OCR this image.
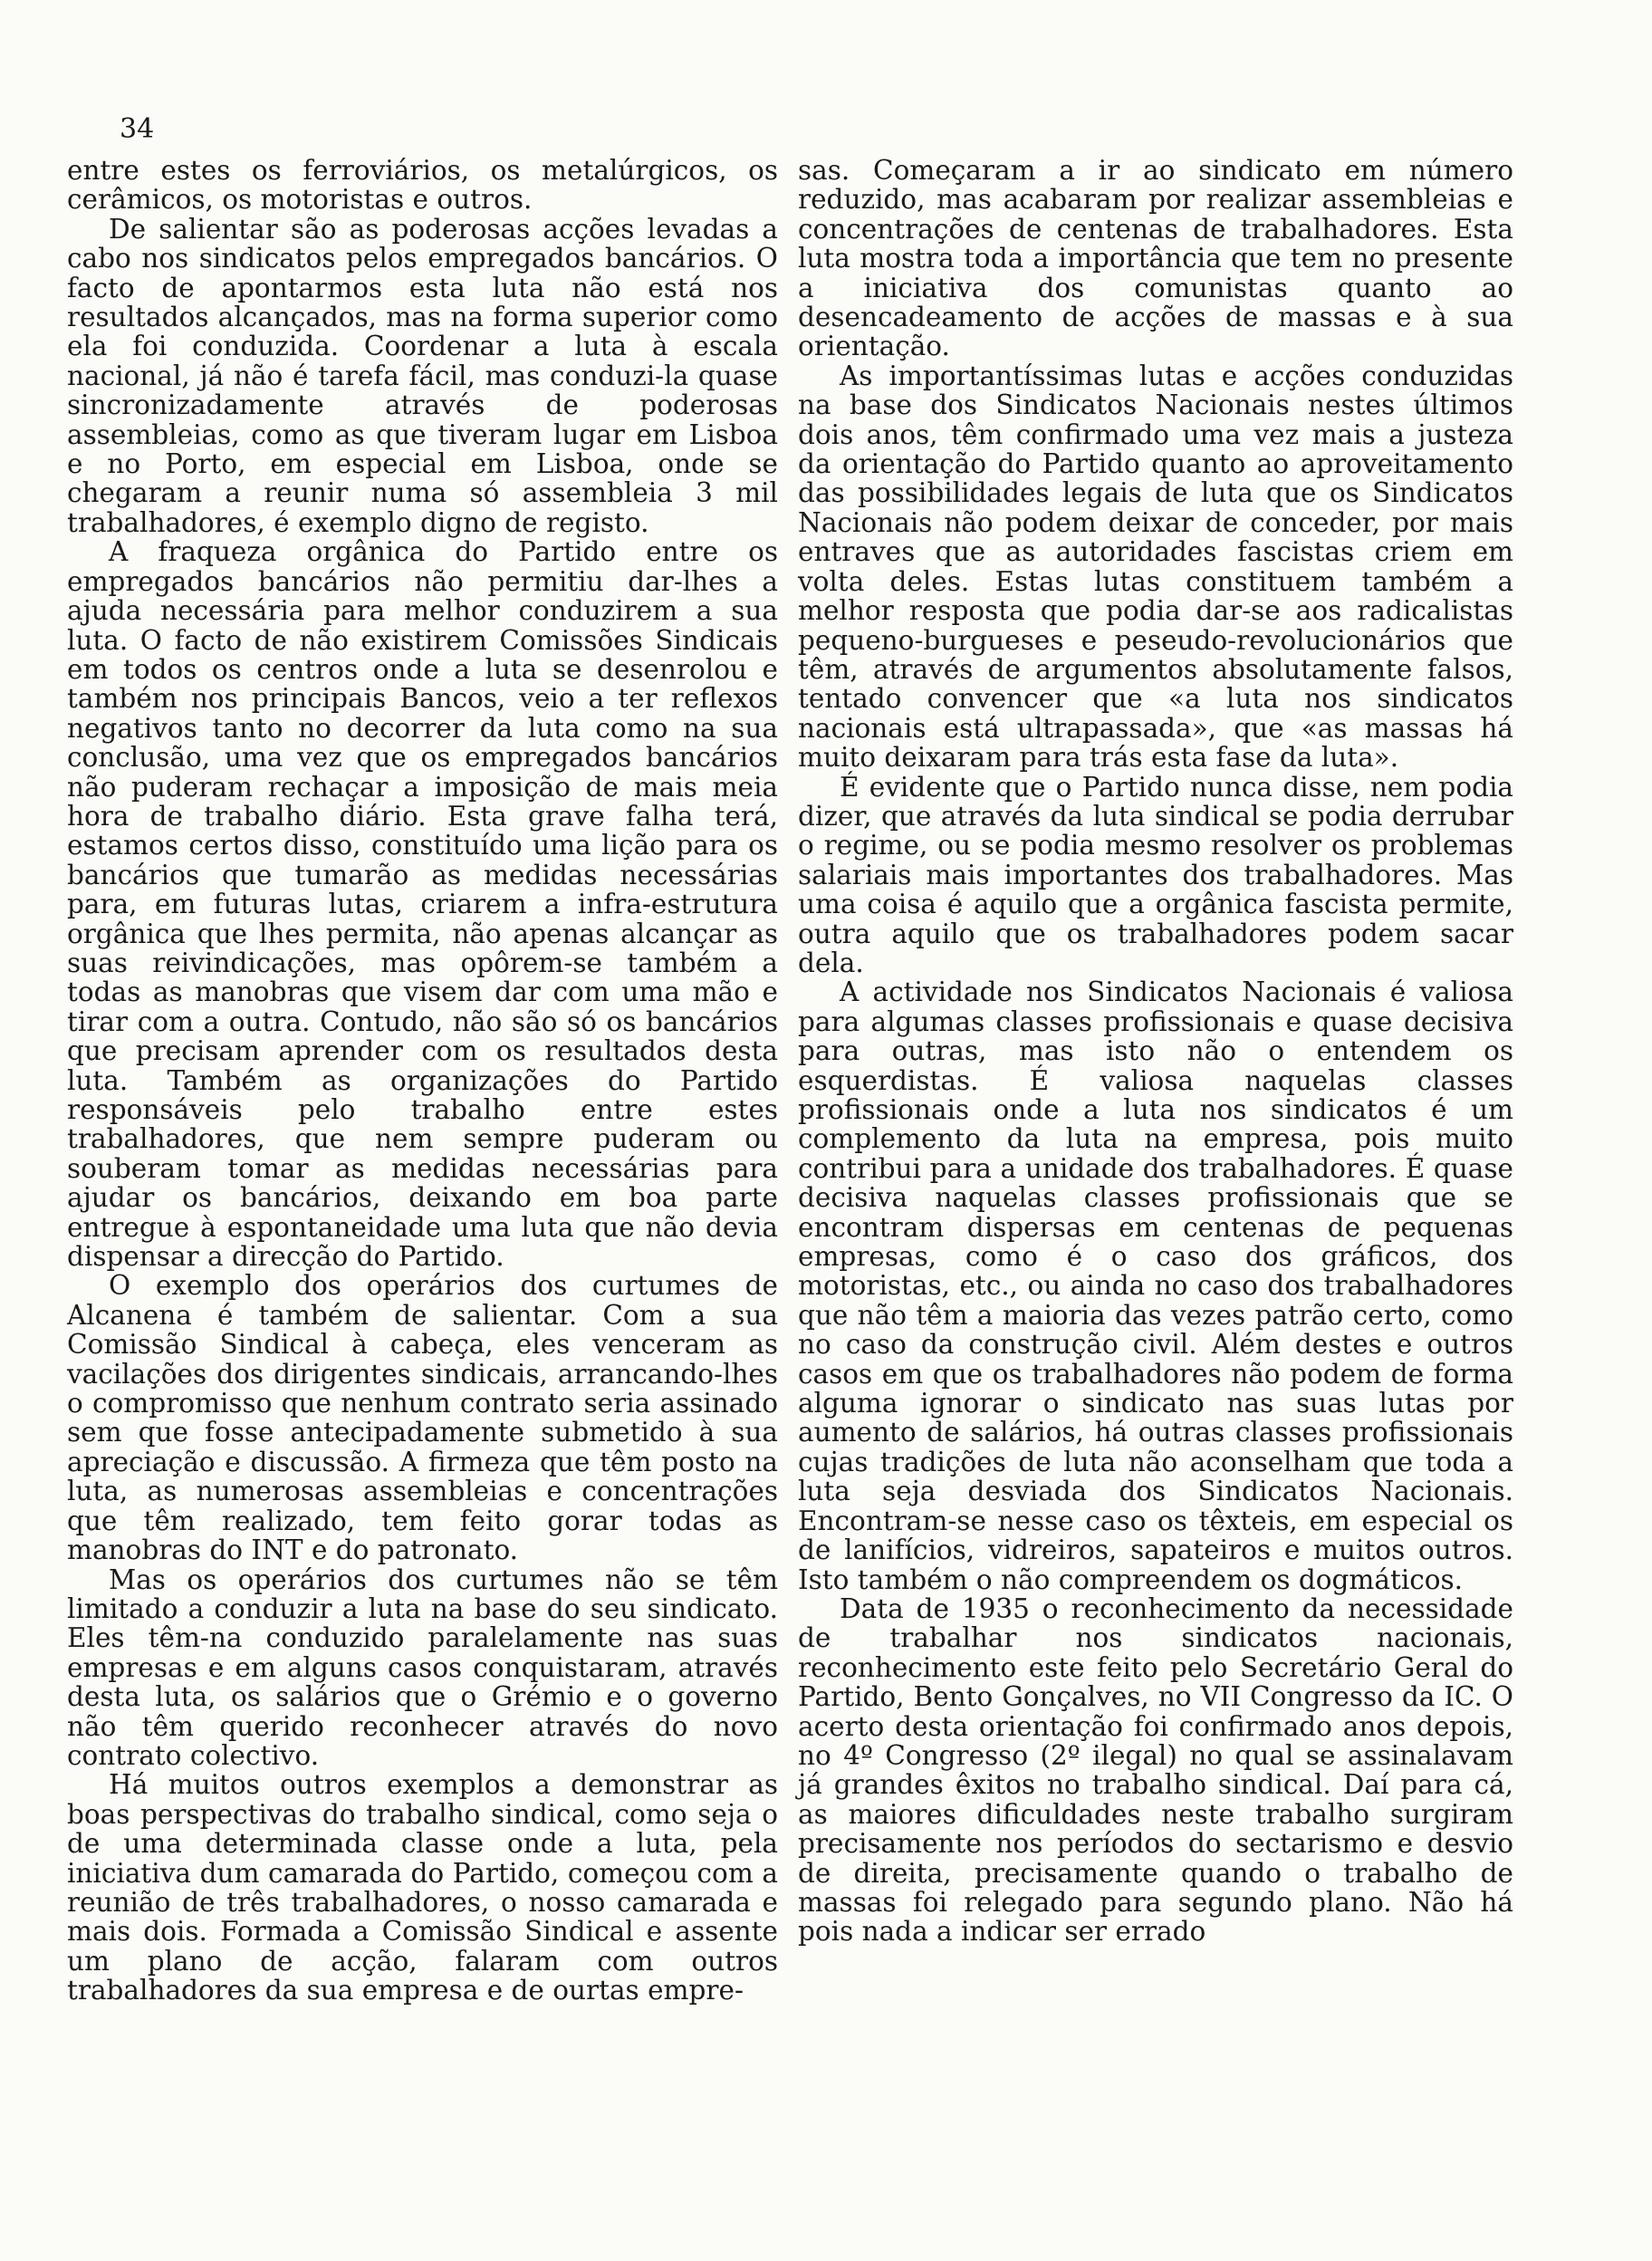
34

entre estes os ferroviários, os metalúrgicos, os cerâmicos, os motoristas e outros.

De salientar são as poderosas acções levadas a cabo nos sindicatos pelos empregados bancários. O facto de apontarmos esta luta não está nos resultados alcançados, mas na forma superior como ela foi conduzida. Coordenar a luta à escala nacional, já não é tarefa fácil, mas conduzi-la quase sincronizadamente através de poderosas assembleias, como as que tiveram lugar em Lisboa e no Porto, em especial em Lisboa, onde se chegaram a reunir numa só assembleia 3 mil trabalhadores, é exemplo digno de registo.

A fraqueza orgânica do Partido entre os empregados bancários não permitiu dar-lhes a ajuda necessária para melhor conduzirem a sua luta. O facto de não existirem Comissões Sindicais em todos os centros onde a luta se desenrolou e também nos principais Bancos, veio a ter reflexos negativos tanto no decorrer da luta como na sua conclusão, uma vez que os empregados bancários não puderam rechaçar a imposição de mais meia hora de trabalho diário. Esta grave falha terá, estamos certos disso, constituído uma lição para os bancários que tumarão as medidas necessárias para, em futuras lutas, criarem a infra-estrutura orgânica que lhes permita, não apenas alcançar as suas reivindicações, mas opôrem-se também a todas as manobras que visem dar com uma mão e tirar com a outra. Contudo, não são só os bancários que precisam aprender com os resultados desta luta. Também as organizações do Partido responsáveis pelo trabalho entre estes trabalhadores, que nem sempre puderam ou souberam tomar as medidas necessárias para ajudar os bancários, deixando em boa parte entregue à espontaneidade uma luta que não devia dispensar a direcção do Partido.

O exemplo dos operários dos curtumes de Alcanena é também de salientar. Com a sua Comissão Sindical à cabeça, eles venceram as vacilações dos dirigentes sindicais, arrancando-lhes o compromisso que nenhum contrato seria assinado sem que fosse antecipadamente submetido à sua apreciação e discussão. A firmeza que têm posto na luta, as numerosas assembleias e concentrações que têm realizado, tem feito gorar todas as manobras do INT e do patronato.

Mas os operários dos curtumes não se têm limitado a conduzir a luta na base do seu sindicato. Eles têm-na conduzido paralelamente nas suas empresas e em alguns casos conquistaram, através desta luta, os salários que o Grémio e o governo não têm querido reconhecer através do novo contrato colectivo.

Há muitos outros exemplos a demonstrar as boas perspectivas do trabalho sindical, como seja o de uma determinada classe onde a luta, pela iniciativa dum camarada do Partido, começou com a reunião de três trabalhadores, o nosso camarada e mais dois. Formada a Comissão Sindical e assente um plano de acção, falaram com outros trabalhadores da sua empresa e de ourtas empre-

sas. Começaram a ir ao sindicato em número reduzido, mas acabaram por realizar assembleias e concentrações de centenas de trabalhadores. Esta luta mostra toda a importância que tem no presente a iniciativa dos comunistas quanto ao desencadeamento de acções de massas e à sua orientação.

As importantíssimas lutas e acções conduzidas na base dos Sindicatos Nacionais nestes últimos dois anos, têm confirmado uma vez mais a justeza da orientação do Partido quanto ao aproveitamento das possibilidades legais de luta que os Sindicatos Nacionais não podem deixar de conceder, por mais entraves que as autoridades fascistas criem em volta deles. Estas lutas constituem também a melhor resposta que podia dar-se aos radicalistas pequeno-burgueses e peseudo-revolucionários que têm, através de argumentos absolutamente falsos, tentado convencer que «a luta nos sindicatos nacionais está ultrapassada», que «as massas há muito deixaram para trás esta fase da luta».

É evidente que o Partido nunca disse, nem podia dizer, que através da luta sindical se podia derrubar o regime, ou se podia mesmo resolver os problemas salariais mais importantes dos trabalhadores. Mas uma coisa é aquilo que a orgânica fascista permite, outra aquilo que os trabalhadores podem sacar dela.

A actividade nos Sindicatos Nacionais é valiosa para algumas classes profissionais e quase decisiva para outras, mas isto não o entendem os esquerdistas. É valiosa naquelas classes profissionais onde a luta nos sindicatos é um complemento da luta na empresa, pois muito contribui para a unidade dos trabalhadores. É quase decisiva naquelas classes profissionais que se encontram dispersas em centenas de pequenas empresas, como é o caso dos gráficos, dos motoristas, etc., ou ainda no caso dos trabalhadores que não têm a maioria das vezes patrão certo, como no caso da construção civil. Além destes e outros casos em que os trabalhadores não podem de forma alguma ignorar o sindicato nas suas lutas por aumento de salários, há outras classes profissionais cujas tradições de luta não aconselham que toda a luta seja desviada dos Sindicatos Nacionais. Encontram-se nesse caso os têxteis, em especial os de lanifícios, vidreiros, sapateiros e muitos outros. Isto também o não compreendem os dogmáticos.

Data de 1935 o reconhecimento da necessidade de trabalhar nos sindicatos nacionais, reconhecimento este feito pelo Secretário Geral do Partido, Bento Gonçalves, no VII Congresso da IC. O acerto desta orientação foi confirmado anos depois, no 4º Congresso (2º ilegal) no qual se assinalavam já grandes êxitos no trabalho sindical. Daí para cá, as maiores dificuldades neste trabalho surgiram precisamente nos períodos do sectarismo e desvio de direita, precisamente quando o trabalho de massas foi relegado para segundo plano. Não há pois nada a indicar ser errado
